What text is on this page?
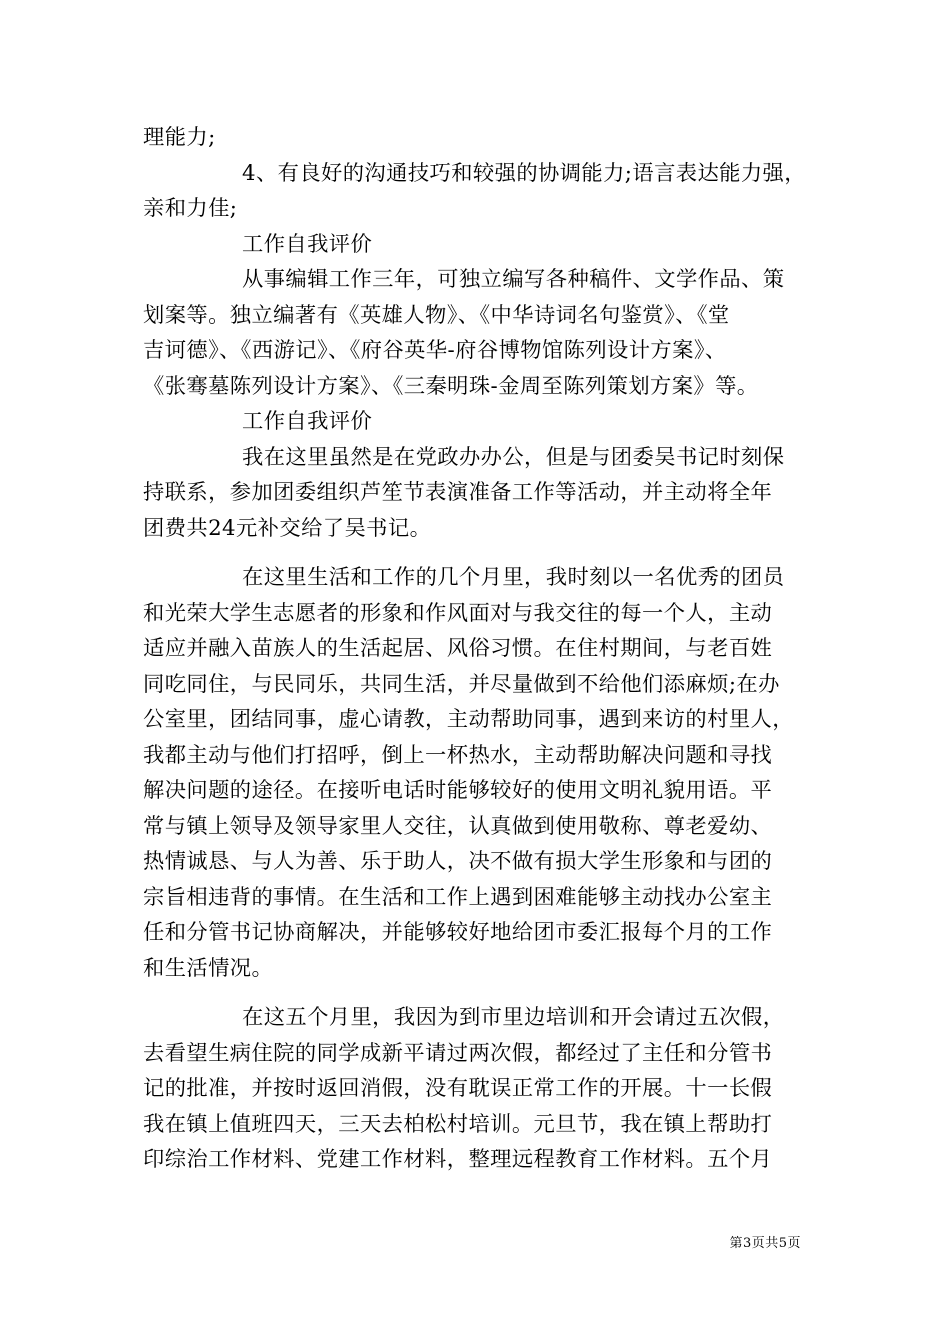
理能力;
4、有良好的沟通技巧和较强的协调能力;语言表达能力强，
亲和力佳;
工作自我评价
从事编辑工作三年，可独立编写各种稿件、文学作品、策
划案等。独立编著有《英雄人物》、《中华诗词名句鉴赏》、《堂
吉诃德》、《西游记》、《府谷英华-府谷博物馆陈列设计方案》、
《张骞墓陈列设计方案》、《三秦明珠-金周至陈列策划方案》等。
工作自我评价
我在这里虽然是在党政办办公，但是与团委吴书记时刻保
持联系，参加团委组织芦笙节表演准备工作等活动，并主动将全年
团费共24元补交给了吴书记。
在这里生活和工作的几个月里，我时刻以一名优秀的团员
和光荣大学生志愿者的形象和作风面对与我交往的每一个人，主动
适应并融入苗族人的生活起居、风俗习惯。在住村期间，与老百姓
同吃同住，与民同乐，共同生活，并尽量做到不给他们添麻烦;在办
公室里，团结同事，虚心请教，主动帮助同事，遇到来访的村里人，
我都主动与他们打招呼，倒上一杯热水，主动帮助解决问题和寻找
解决问题的途径。在接听电话时能够较好的使用文明礼貌用语。平
常与镇上领导及领导家里人交往，认真做到使用敬称、尊老爱幼、
热情诚恳、与人为善、乐于助人，决不做有损大学生形象和与团的
宗旨相违背的事情。在生活和工作上遇到困难能够主动找办公室主
任和分管书记协商解决，并能够较好地给团市委汇报每个月的工作
和生活情况。
在这五个月里，我因为到市里边培训和开会请过五次假，
去看望生病住院的同学成新平请过两次假，都经过了主任和分管书
记的批准，并按时返回消假，没有耽误正常工作的开展。十一长假
我在镇上值班四天，三天去柏松村培训。元旦节，我在镇上帮助打
印综治工作材料、党建工作材料，整理远程教育工作材料。五个月
第3页共5页
